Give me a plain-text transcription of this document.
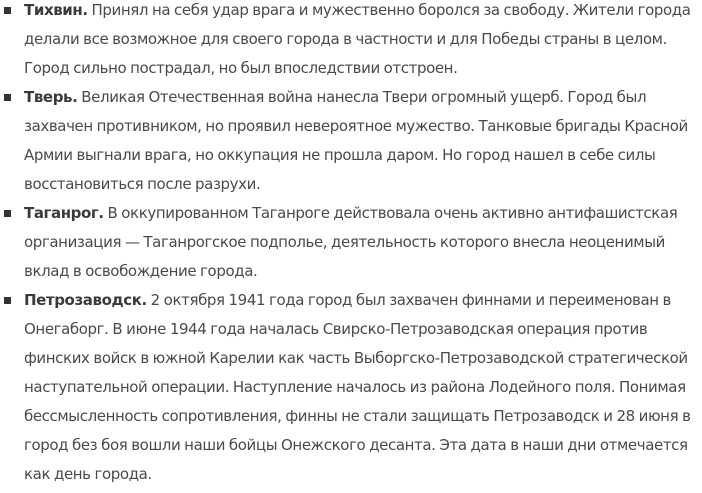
Тихвин. Принял на себя удар врага и мужественно боролся за свободу. Жители города делали все возможное для своего города в частности и для Победы страны в целом. Город сильно пострадал, но был впоследствии отстроен.
Тверь. Великая Отечественная война нанесла Твери огромный ущерб. Город был захвачен противником, но проявил невероятное мужество. Танковые бригады Красной Армии выгнали врага, но оккупация не прошла даром. Но город нашел в себе силы восстановиться после разрухи.
Таганрог. В оккупированном Таганроге действовала очень активно антифашистская организация — Таганрогское подполье, деятельность которого внесла неоценимый вклад в освобождение города.
Петрозаводск. 2 октября 1941 года город был захвачен финнами и переименован в Онегаборг. В июне 1944 года началась Свирско-Петрозаводская операция против финских войск в южной Карелии как часть Выборгско-Петрозаводской стратегической наступательной операции. Наступление началось из района Лодейного поля. Понимая бессмысленность сопротивления, финны не стали защищать Петрозаводск и 28 июня в город без боя вошли наши бойцы Онежского десанта. Эта дата в наши дни отмечается как день города.
